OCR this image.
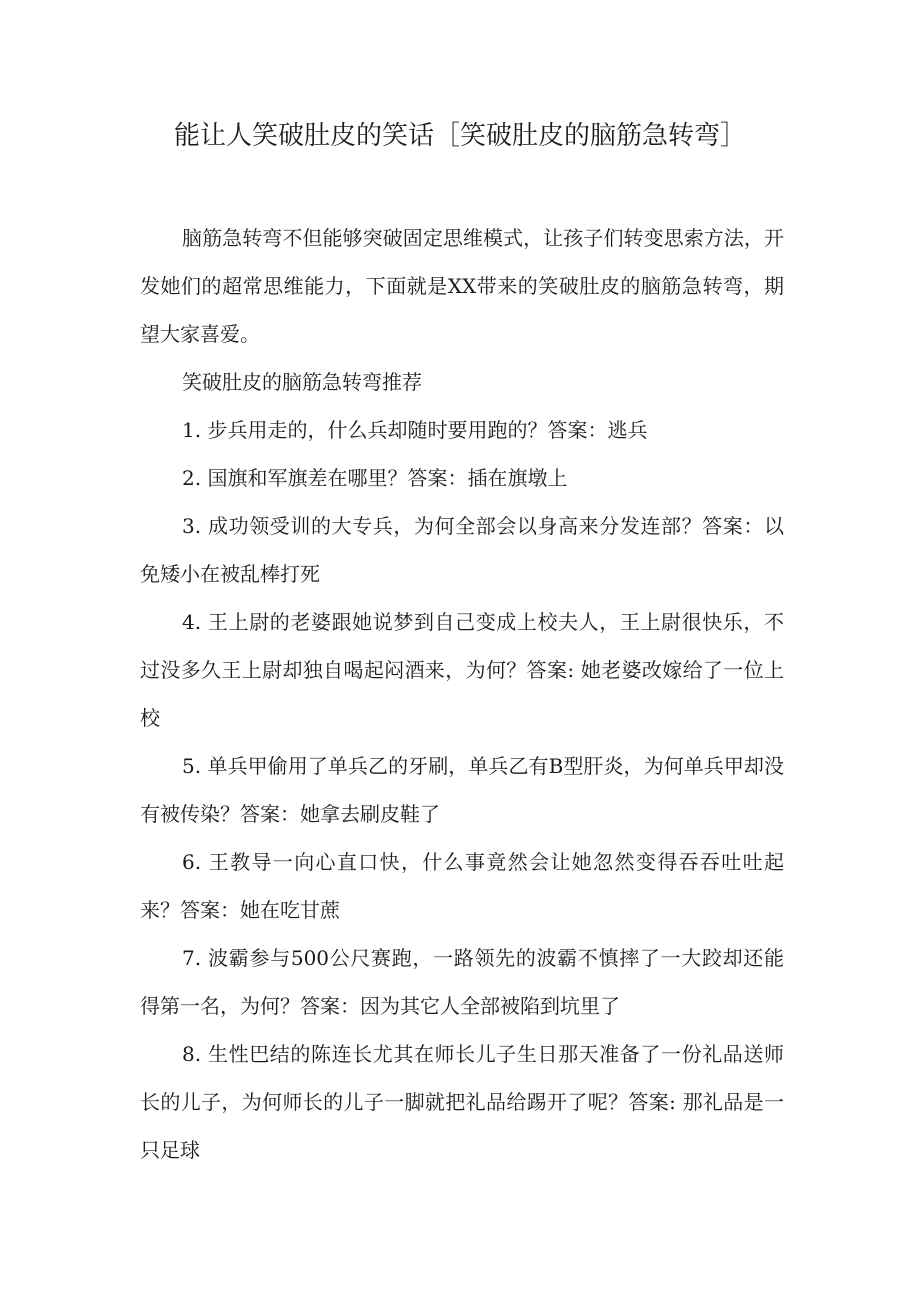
能让人笑破肚皮的笑话［笑破肚皮的脑筋急转弯］

脑筋急转弯不但能够突破固定思维模式，让孩子们转变思索方法，开发她们的超常思维能力，下面就是XX带来的笑破肚皮的脑筋急转弯，期望大家喜爱。

笑破肚皮的脑筋急转弯推荐

1. 步兵用走的，什么兵却随时要用跑的？答案：逃兵

2. 国旗和军旗差在哪里？答案：插在旗墩上

3. 成功领受训的大专兵，为何全部会以身高来分发连部？答案：以免矮小在被乱棒打死

4. 王上尉的老婆跟她说梦到自己变成上校夫人，王上尉很快乐，不过没多久王上尉却独自喝起闷酒来，为何？答案: 她老婆改嫁给了一位上校

5. 单兵甲偷用了单兵乙的牙刷，单兵乙有B型肝炎，为何单兵甲却没有被传染？答案：她拿去刷皮鞋了

6. 王教导一向心直口快，什么事竟然会让她忽然变得吞吞吐吐起来？答案：她在吃甘蔗

7. 波霸参与500公尺赛跑，一路领先的波霸不慎摔了一大跤却还能得第一名，为何？答案：因为其它人全部被陷到坑里了

8. 生性巴结的陈连长尤其在师长儿子生日那天准备了一份礼品送师长的儿子，为何师长的儿子一脚就把礼品给踢开了呢？答案: 那礼品是一只足球
